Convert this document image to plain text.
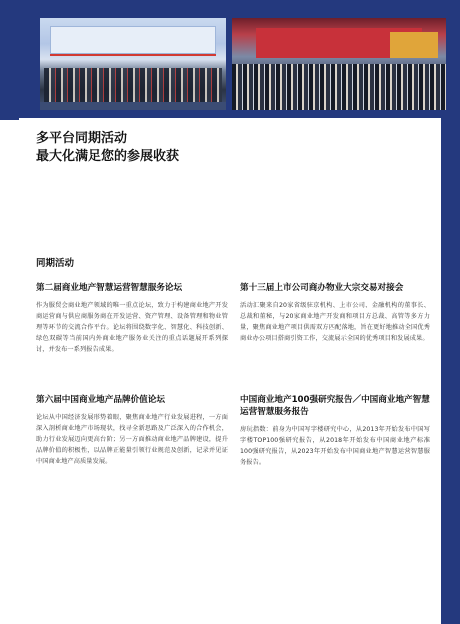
多平台同期活动
最大化满足您的参展收获
同期活动
第二届商业地产智慧运营智慧服务论坛

作为服贸会商业地产领域的唯一重点论坛，致力于构建商业地产开发商运营商与供应商服务商在开发运营、资产管理、设备管理和物业管理等环节的交流合作平台。论坛将围绕数字化、智慧化、科技创新、绿色双碳等当前国内外商业地产服务业关注的重点话题展开系列探讨，并发布一系列报告成果。

第十三届上市公司商办物业大宗交易对接会

活动汇聚来自20家省级驻京机构、上市公司、金融机构的董事长、总裁和董秘，与20家商业地产开发商和项目方总裁、高管等多方力量，聚焦商业地产项目供需双方匹配落地，旨在更好地推动全国优秀商业办公项目搭商引资工作，交流展示全国的优秀项目和发展成果。

第六届中国商业地产品牌价值论坛

论坛从中国经济发展形势着眼，聚焦商业地产行业发展进程，一方面深入剖析商业地产市场现状，找寻全新思路及广泛深入的合作机会，助力行业发展迈向更高台阶；另一方面推动商业地产品牌建设，提升品牌价值的积极性，以品牌正能量引领行业规范及创新，记录并见证中国商业地产高质量发展。

中国商业地产100强研究报告／中国商业地产智慧运营智慧服务报告

房玩指数：前身为中国写字楼研究中心，从2013年开始发布中国写字楼TOP100强研究报告，从2018年开始发布中国商业地产标准100强研究报告，从2023年开始发布中国商业地产智慧运营智慧服务报告。
